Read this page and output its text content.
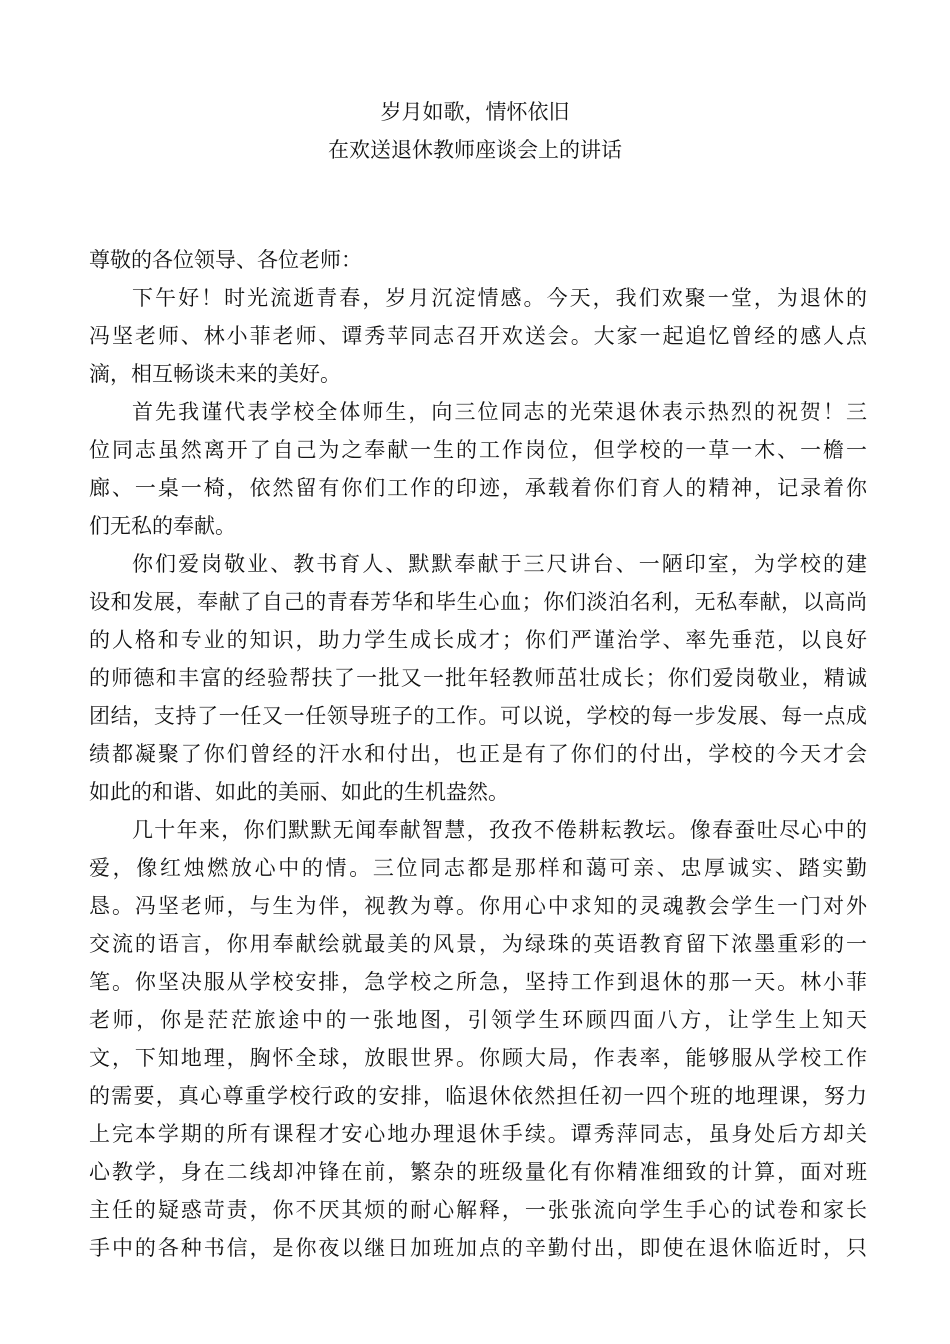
岁月如歌，情怀依旧
在欢送退休教师座谈会上的讲话
尊敬的各位领导、各位⽼师：
下午好！时光流逝青春，岁月沉淀情感。今天，我们欢聚⼀堂，为退休的
冯坚⽼师、林小菲⽼师、谭秀苹同志召开欢送会。⼤家一起追忆曾经的感人点
滴，相互畅谈未来的美好。
首先我谨代表学校全体师生，向三位同志的光荣退休表⽰热烈的祝贺！三
位同志虽然离开了自己为之奉献一生的⼯作岗位，但学校的一草一⽊、一檐一
廊、一桌一椅，依然留有你们工作的印迹，承载着你们育人的精神，记录着你
们无私的奉献。
你们爱岗敬业、教书育⼈、默默奉献于三尺讲台、一陋印室，为学校的建
设和发展，奉献了⾃⼰的青春芳华和毕⽣⼼⾎；你们淡泊名利，⽆私奉献，以⾼尚
的⼈格和专业的知识，助力学生成长成才；你们严谨治学、率先垂范，以良好
的师德和丰富的经验帮扶了⼀批⼜⼀批年轻教师茁壮成长；你们爱岗敬业，精诚
团结，⽀持了⼀任⼜⼀任领导班子的工作。可以说，学校的每⼀步发展、每⼀点成
绩都凝聚了你们曾经的汗⽔和付出，也正是有了你们的付出，学校的今天才会
如此的和谐、如此的美丽、如此的⽣机盎然。
⼏⼗年来，你们默默⽆闻奉献智慧，孜孜不倦耕耘教坛。像春蚕吐尽⼼中的
爱，像红烛燃放⼼中的情。三位同志都是那样和蔼可亲、忠厚诚实、踏实勤
恳。冯坚老师，与生为伴，视教为尊。你用心中求知的灵魂教会学生一门对外
交流的语言，你用奉献绘就最美的风景，为绿珠的英语教育留下浓墨重彩的一
笔。你坚决服从学校安排，急学校之所急，坚持工作到退休的那一天。林小菲
老师，你是茫茫旅途中的一张地图，引领学生环顾四面八方，让学生上知天
文，下知地理，胸怀全球，放眼世界。你顾大局，作表率，能够服从学校⼯作
的需要，真⼼尊重学校⾏政的安排，临退休依然担任初一四个班的地理课，努力
上完本学期的所有课程才安心地办理退休手续。谭秀萍同志，虽身处后方却关
心教学，身在二线却冲锋在前，繁杂的班级量化有你精准细致的计算，面对班
主任的疑惑苛责，你不厌其烦的耐心解释，一张张流向学生手心的试卷和家长
手中的各种书信，是你夜以继日加班加点的辛勤付出，即使在退休临近时，只
